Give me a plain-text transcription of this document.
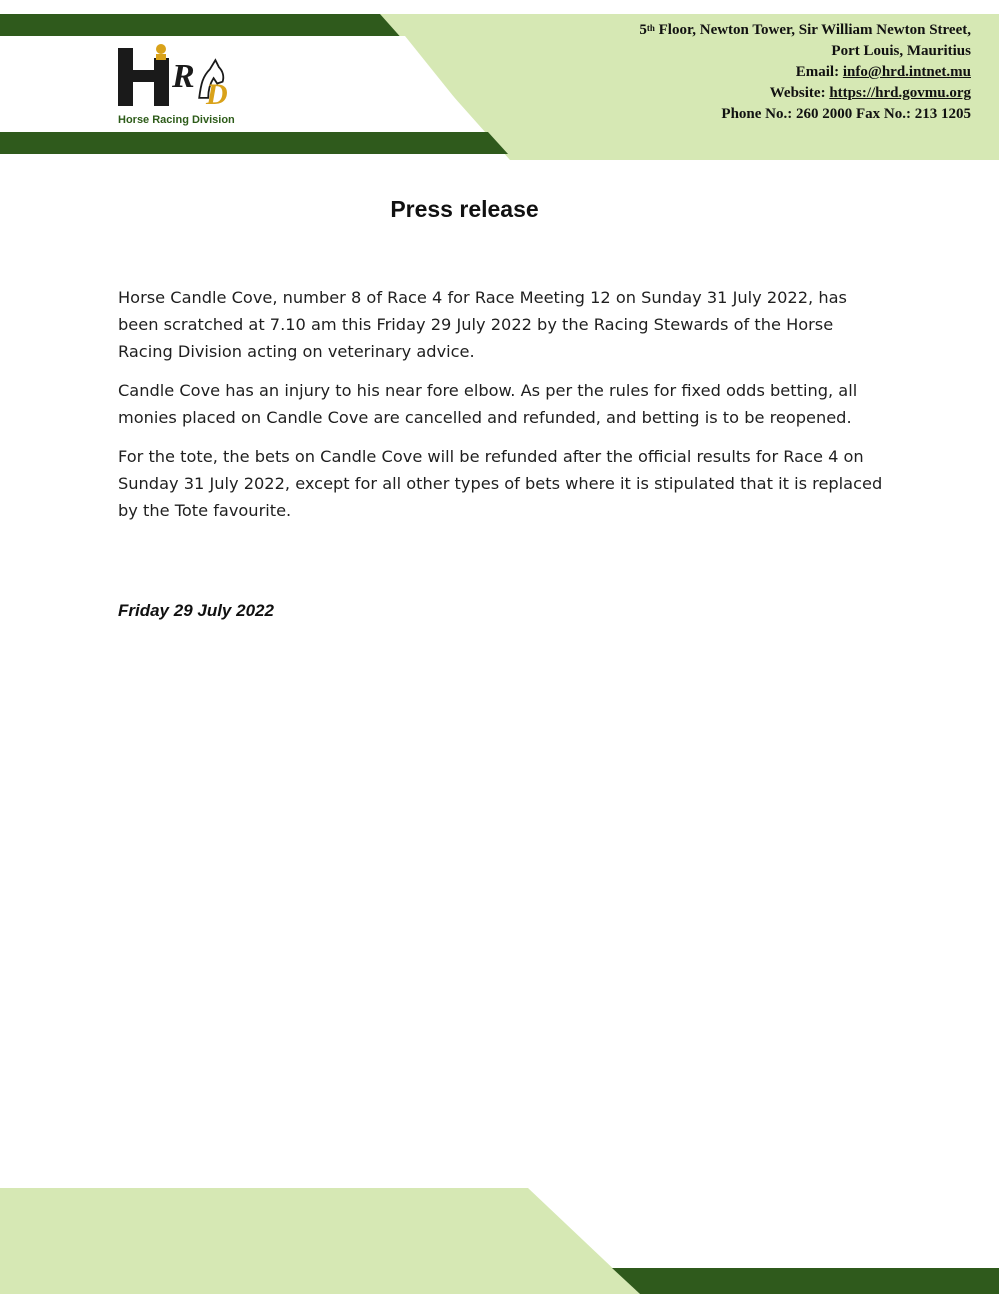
R D
Horse Racing Division
5th Floor, Newton Tower, Sir William Newton Street,
Port Louis, Mauritius
Email: info@hrd.intnet.mu
Website: https://hrd.govmu.org
Phone No.: 260 2000 Fax No.: 213 1205
Press release

Horse Candle Cove, number 8 of Race 4 for Race Meeting 12 on Sunday 31 July 2022, has been scratched at 7.10 am this Friday 29 July 2022 by the Racing Stewards of the Horse Racing Division acting on veterinary advice.

Candle Cove has an injury to his near fore elbow. As per the rules for fixed odds betting, all monies placed on Candle Cove are cancelled and refunded, and betting is to be reopened.

For the tote, the bets on Candle Cove will be refunded after the official results for Race 4 on Sunday 31 July 2022, except for all other types of bets where it is stipulated that it is replaced by the Tote favourite.

Friday 29 July 2022
